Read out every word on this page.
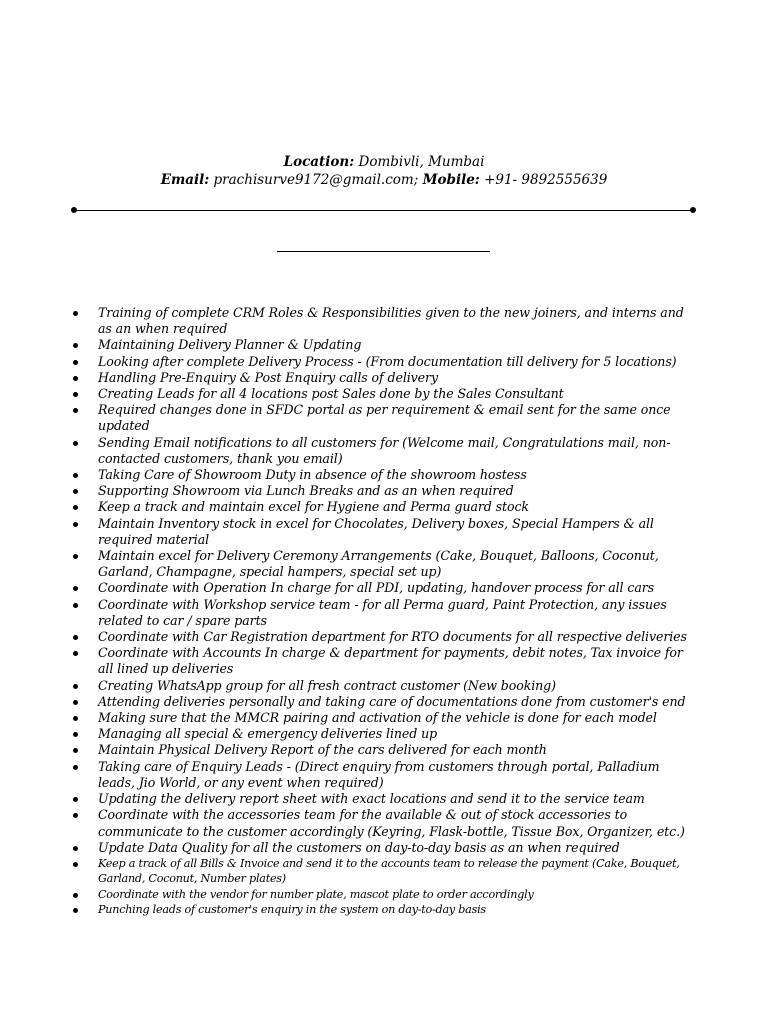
Location: Dombivli, Mumbai
Email: prachisurve9172@gmail.com; Mobile: +91- 9892555639
Training of complete CRM Roles & Responsibilities given to the new joiners, and interns and as an when required
Maintaining Delivery Planner & Updating
Looking after complete Delivery Process - (From documentation till delivery for 5 locations)
Handling Pre-Enquiry & Post Enquiry calls of delivery
Creating Leads for all 4 locations post Sales done by the Sales Consultant
Required changes done in SFDC portal as per requirement & email sent for the same once updated
Sending Email notifications to all customers for (Welcome mail, Congratulations mail, non-contacted customers, thank you email)
Taking Care of Showroom Duty in absence of the showroom hostess
Supporting Showroom via Lunch Breaks and as an when required
Keep a track and maintain excel for Hygiene and Perma guard stock
Maintain Inventory stock in excel for Chocolates, Delivery boxes, Special Hampers & all required material
Maintain excel for Delivery Ceremony Arrangements (Cake, Bouquet, Balloons, Coconut, Garland, Champagne, special hampers, special set up)
Coordinate with Operation In charge for all PDI, updating, handover process for all cars
Coordinate with Workshop service team - for all Perma guard, Paint Protection, any issues related to car / spare parts
Coordinate with Car Registration department for RTO documents for all respective deliveries
Coordinate with Accounts In charge & department for payments, debit notes, Tax invoice for all lined up deliveries
Creating WhatsApp group for all fresh contract customer (New booking)
Attending deliveries personally and taking care of documentations done from customer's end
Making sure that the MMCR pairing and activation of the vehicle is done for each model
Managing all special & emergency deliveries lined up
Maintain Physical Delivery Report of the cars delivered for each month
Taking care of Enquiry Leads - (Direct enquiry from customers through portal, Palladium leads, Jio World, or any event when required)
Updating the delivery report sheet with exact locations and send it to the service team
Coordinate with the accessories team for the available & out of stock accessories to communicate to the customer accordingly (Keyring, Flask-bottle, Tissue Box, Organizer, etc.)
Update Data Quality for all the customers on day-to-day basis as an when required
Keep a track of all Bills & Invoice and send it to the accounts team to release the payment (Cake, Bouquet, Garland, Coconut, Number plates)
Coordinate with the vendor for number plate, mascot plate to order accordingly
Punching leads of customer's enquiry in the system on day-to-day basis
